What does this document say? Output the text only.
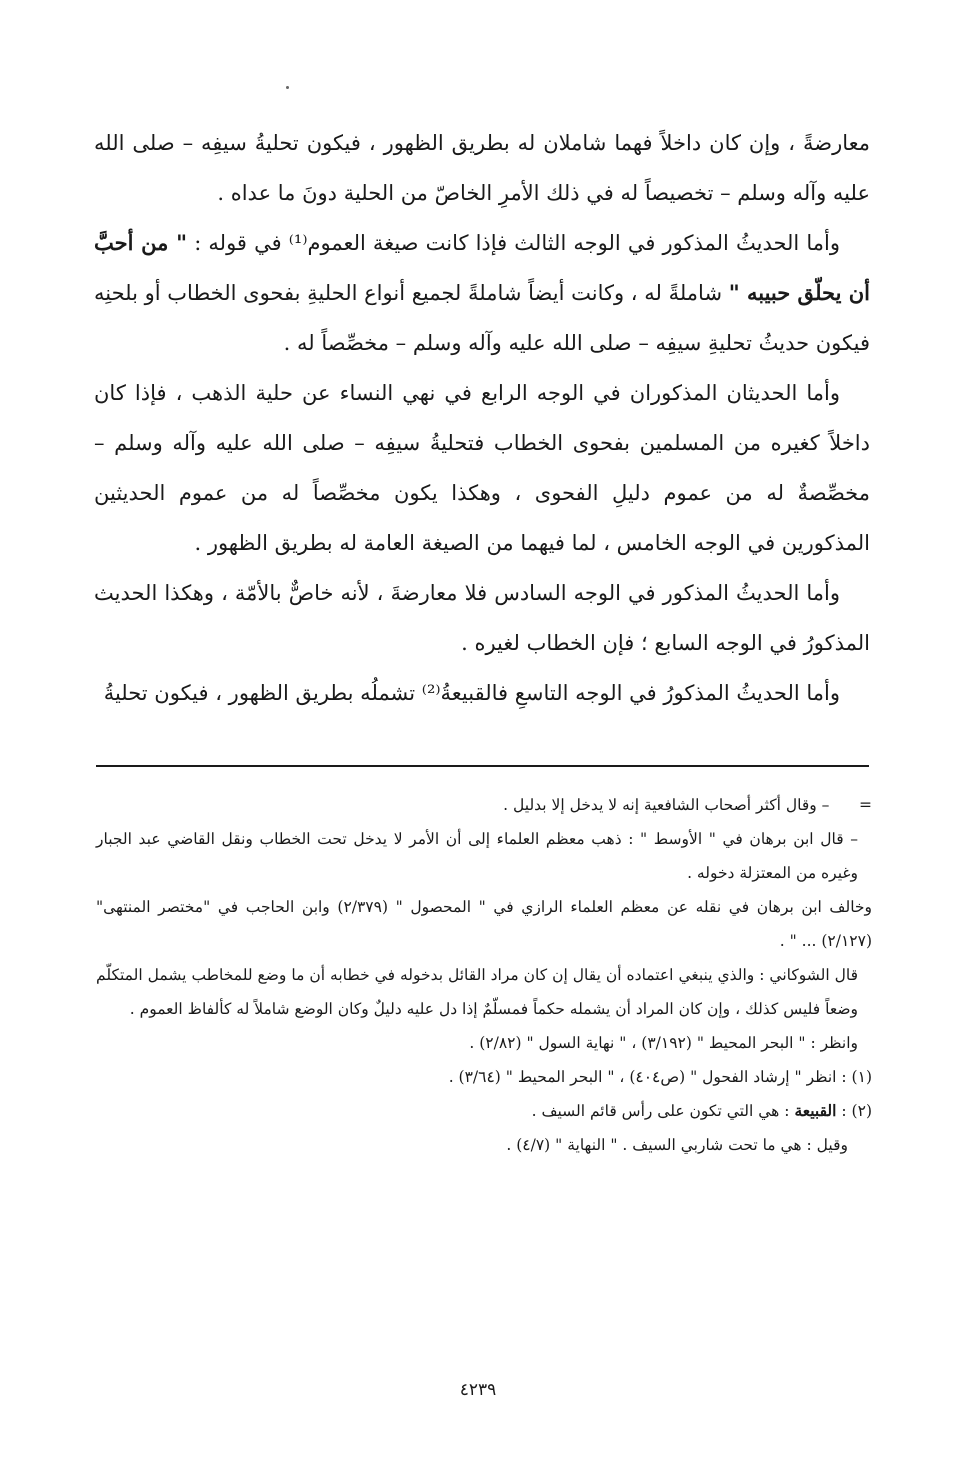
معارضةً ، وإن كان داخلاً فهما شاملان له بطريق الظهور ، فيكون تحليةُ سيفِه – صلى الله عليه وآله وسلم – تخصيصاً له في ذلك الأمرِ الخاصّ من الحلية دونَ ما عداه .

وأما الحديثُ المذكور في الوجه الثالث فإذا كانت صيغة العموم⁽¹⁾ في قوله : " من أحبَّ أن يحلّق حبيبه " شاملةً له ، وكانت أيضاً شاملةً لجميع أنواع الحليةِ بفحوى الخطاب أو بلحنِه فيكون حديثُ تحليةِ سيفِه – صلى الله عليه وآله وسلم – مخصِّصاً له .

وأما الحديثان المذكوران في الوجه الرابع في نهي النساء عن حلية الذهب ، فإذا كان داخلاً كغيره من المسلمين بفحوى الخطاب فتحليةُ سيفِه – صلى الله عليه وآله وسلم – مخصِّصةٌ له من عموم دليلِ الفحوى ، وهكذا يكون مخصِّصاً له من عموم الحديثين المذكورين في الوجه الخامس ، لما فيهما من الصيغة العامة له بطريق الظهور .

وأما الحديثُ المذكور في الوجه السادس فلا معارضةَ ، لأنه خاصٌّ بالأمّة ، وهكذا الحديث المذكورُ في الوجه السابع ؛ فإن الخطاب لغيره .

وأما الحديثُ المذكورُ في الوجه التاسعِ فالقبيعةُ⁽²⁾ تشملُه بطريق الظهور ، فيكون تحليةُ

=      – وقال أكثر أصحاب الشافعية إنه لا يدخل إلا بدليل .

– قال ابن برهان في " الأوسط " : ذهب معظم العلماء إلى أن الأمر لا يدخل تحت الخطاب ونقل القاضي عبد الجبار وغيره من المعتزلة دخوله .

وخالف ابن برهان في نقله عن معظم العلماء الرازي في " المحصول " (٢/٣٧٩) وابن الحاجب في "مختصر المنتهى" (٢/١٢٧) ... " .

قال الشوكاني : والذي ينبغي اعتماده أن يقال إن كان مراد القائل بدخوله في خطابه أن ما وضع للمخاطب يشمل المتكلّم وضعاً فليس كذلك ، وإن كان المراد أن يشمله حكماً فمسلّمٌ إذا دل عليه دليلٌ وكان الوضع شاملاً له كألفاظ العموم .

وانظر : " البحر المحيط " (٣/١٩٢) ، " نهاية السول " (٢/٨٢) .

(١) : انظر " إرشاد الفحول " (ص٤٠٤) ، " البحر المحيط " (٣/٦٤) .

(٢) : القبيعة : هي التي تكون على رأس قائم السيف .

وقيل : هي ما تحت شاربي السيف . " النهاية " (٤/٧) .

٤٢٣٩
